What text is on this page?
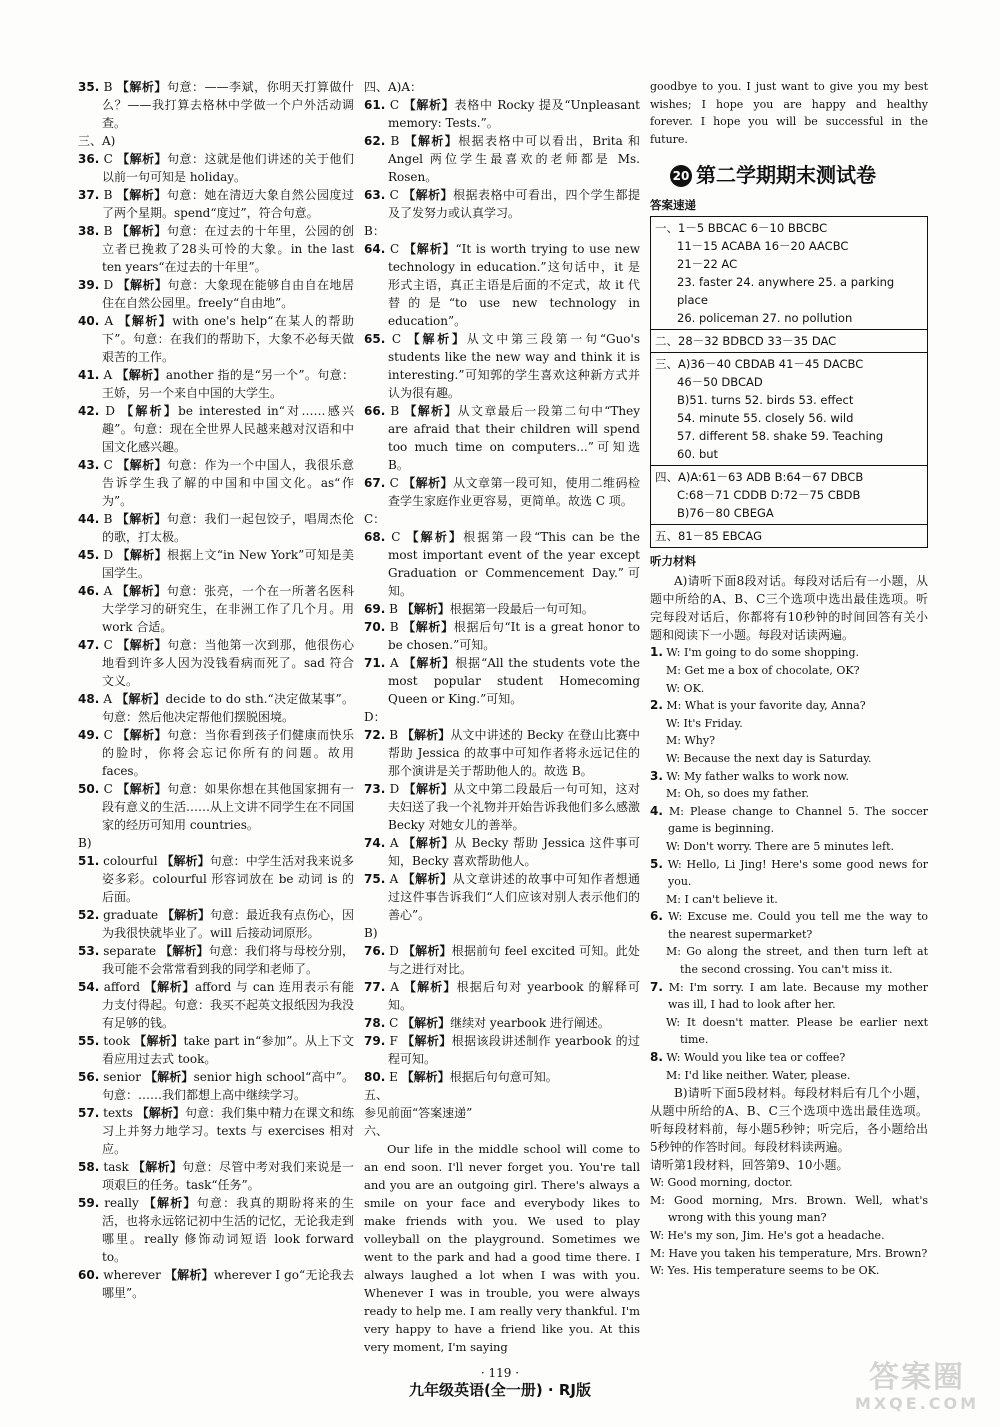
35. B 【解析】句意：——李斌，你明天打算做什么？——我打算去格林中学做一个户外活动调查。

三、A)

36. C 【解析】句意：这就是他们讲述的关于他们以前一句可知是 holiday。

37. B 【解析】句意：她在清迈大象自然公园度过了两个星期。spend“度过”，符合句意。

38. B 【解析】句意：在过去的十年里，公园的创立者已挽救了28头可怜的大象。in the last ten years“在过去的十年里”。

39. D 【解析】句意：大象现在能够自由自在地居住在自然公园里。freely“自由地”。

40. A 【解析】with one's help“在某人的帮助下”。句意：在我们的帮助下，大象不必每天做艰苦的工作。

41. A 【解析】another 指的是“另一个”。句意：王娇，另一个来自中国的大学生。

42. D 【解析】be interested in“对……感兴趣”。句意：现在全世界人民越来越对汉语和中国文化感兴趣。

43. C 【解析】句意：作为一个中国人，我很乐意告诉学生我了解的中国和中国文化。as“作为”。

44. B 【解析】句意：我们一起包饺子，唱周杰伦的歌，打太极。

45. D 【解析】根据上文“in New York”可知是美国学生。

46. A 【解析】句意：张亮，一个在一所著名医科大学学习的研究生，在非洲工作了几个月。用 work 合适。

47. C 【解析】句意：当他第一次到那，他很伤心地看到许多人因为没钱看病而死了。sad 符合文义。

48. A 【解析】decide to do sth.“决定做某事”。句意：然后他决定帮他们摆脱困境。

49. C 【解析】句意：当你看到孩子们健康而快乐的脸时，你将会忘记你所有的问题。故用 faces。

50. C 【解析】句意：如果你想在其他国家拥有一段有意义的生活……从上文讲不同学生在不同国家的经历可知用 countries。

B)

51. colourful 【解析】句意：中学生活对我来说多姿多彩。colourful 形容词放在 be 动词 is 的后面。

52. graduate 【解析】句意：最近我有点伤心，因为我很快就毕业了。will 后接动词原形。

53. separate 【解析】句意：我们将与母校分别，我可能不会常常看到我的同学和老师了。

54. afford 【解析】afford 与 can 连用表示有能力支付得起。句意：我买不起英文报纸因为我没有足够的钱。

55. took 【解析】take part in“参加”。从上下文看应用过去式 took。

56. senior 【解析】senior high school“高中”。句意：……我们都想上高中继续学习。

57. texts 【解析】句意：我们集中精力在课文和练习上并努力地学习。texts 与 exercises 相对应。

58. task 【解析】句意：尽管中考对我们来说是一项艰巨的任务。task“任务”。

59. really 【解析】句意：我真的期盼将来的生活，也将永远铭记初中生活的记忆，无论我走到哪里。really 修饰动词短语 look forward to。

60. wherever 【解析】wherever I go“无论我去哪里”。

四、A)A：

61. C 【解析】表格中 Rocky 提及“Unpleasant memory: Tests.”。

62. B 【解析】根据表格中可以看出，Brita 和 Angel 两位学生最喜欢的老师都是 Ms. Rosen。

63. C 【解析】根据表格中可看出，四个学生都提及了发努力或认真学习。

B：

64. C 【解析】“It is worth trying to use new technology in education.”这句话中，it 是形式主语，真正主语是后面的不定式，故 it 代替的是“to use new technology in education”。

65. C 【解析】从文中第三段第一句“Guo's students like the new way and think it is interesting.”可知郭的学生喜欢这种新方式并认为很有趣。

66. B 【解析】从文章最后一段第二句中“They are afraid that their children will spend too much time on computers...”可知选 B。

67. C 【解析】从文章第一段可知，使用二维码检查学生家庭作业更容易，更简单。故选 C 项。

C：

68. C 【解析】根据第一段“This can be the most important event of the year except Graduation or Commencement Day.”可知。

69. B 【解析】根据第一段最后一句可知。

70. B 【解析】根据后句“It is a great honor to be chosen.”可知。

71. A 【解析】根据“All the students vote the most popular student Homecoming Queen or King.”可知。

D：

72. B 【解析】从文中讲述的 Becky 在登山比赛中帮助 Jessica 的故事中可知作者将永远记住的那个演讲是关于帮助他人的。故选 B。

73. D 【解析】从文中第二段最后一句可知，这对夫妇送了我一个礼物并开始告诉我他们多么感激 Becky 对她女儿的善举。

74. A 【解析】从 Becky 帮助 Jessica 这件事可知，Becky 喜欢帮助他人。

75. A 【解析】从文章讲述的故事中可知作者想通过这件事告诉我们“人们应该对别人表示他们的善心”。

B)

76. D 【解析】根据前句 feel excited 可知。此处与之进行对比。

77. A 【解析】根据后句对 yearbook 的解释可知。

78. C 【解析】继续对 yearbook 进行阐述。

79. F 【解析】根据该段讲述制作 yearbook 的过程可知。

80. E 【解析】根据后句句意可知。

五、

参见前面“答案速递”

六、

Our life in the middle school will come to an end soon. I'll never forget you. You're tall and you are an outgoing girl. There's always a smile on your face and everybody likes to make friends with you. We used to play volleyball on the playground. Sometimes we went to the park and had a good time there. I always laughed a lot when I was with you. Whenever I was in trouble, you were always ready to help me. I am really very thankful. I'm very happy to have a friend like you. At this very moment, I'm saying

goodbye to you. I just want to give you my best wishes; I hope you are happy and healthy forever. I hope you will be successful in the future.

20 第二学期期末测试卷
答案速递
一、1－5 BBCAC 6－10 BBCBC
11－15 ACABA 16－20 AACBC
21－22 AC
23. faster 24. anywhere 25. a parking place
26. policeman 27. no pollution
二、28－32 BDBCD 33－35 DAC
三、A)36－40 CBDAB 41－45 DACBC
46－50 DBCAD
B)51. turns 52. birds 53. effect
54. minute 55. closely 56. wild
57. different 58. shake 59. Teaching
60. but
四、A)A:61－63 ADB B:64－67 DBCB
C:68－71 CDDB D:72－75 CBDB
B)76－80 CBEGA
五、81－85 EBCAG
听力材料

A)请听下面8段对话。每段对话后有一小题，从题中所给的A、B、C三个选项中选出最佳选项。听完每段对话后，你都将有10秒钟的时间回答有关小题和阅读下一小题。每段对话读两遍。

1. W: I'm going to do some shopping.

M: Get me a box of chocolate, OK?

W: OK.

2. M: What is your favorite day, Anna?

W: It's Friday.

M: Why?

W: Because the next day is Saturday.

3. W: My father walks to work now.

M: Oh, so does my father.

4. M: Please change to Channel 5. The soccer game is beginning.

W: Don't worry. There are 5 minutes left.

5. W: Hello, Li Jing! Here's some good news for you.

M: I can't believe it.

6. W: Excuse me. Could you tell me the way to the nearest supermarket?

M: Go along the street, and then turn left at the second crossing. You can't miss it.

7. M: I'm sorry. I am late. Because my mother was ill, I had to look after her.

W: It doesn't matter. Please be earlier next time.

8. W: Would you like tea or coffee?

M: I'd like neither. Water, please.

B)请听下面5段材料。每段材料后有几个小题，从题中所给的A、B、C三个选项中选出最佳选项。听每段材料前，每小题5秒钟；听完后，各小题给出5秒钟的作答时间。每段材料读两遍。

请听第1段材料，回答第9、10小题。

W: Good morning, doctor.

M: Good morning, Mrs. Brown. Well, what's wrong with this young man?

W: He's my son, Jim. He's got a headache.

M: Have you taken his temperature, Mrs. Brown?

W: Yes. His temperature seems to be OK.

· 119 ·
九年级英语(全一册) · RJ版	答案圈
MXQE.COM
